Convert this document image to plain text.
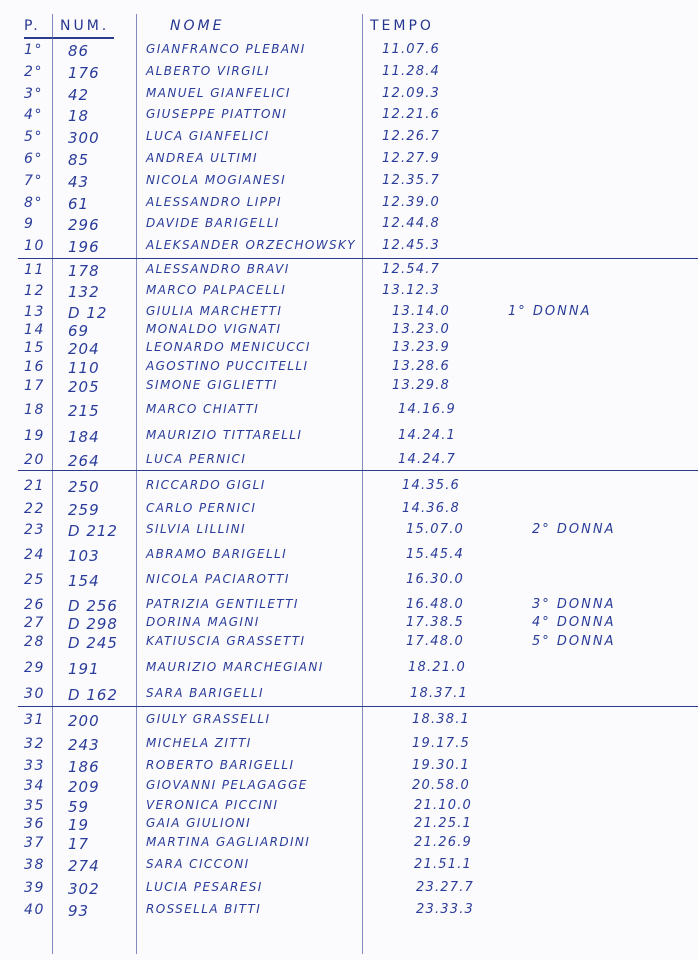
P. NUM.	NOME	TEMPO
1°	86	GIANFRANCO PLEBANI	11.07.6
2°	176	ALBERTO VIRGILI	11.28.4
3°	42	MANUEL GIANFELICI	12.09.3
4°	18	GIUSEPPE PIATTONI	12.21.6
5°	300	LUCA GIANFELICI	12.26.7
6°	85	ANDREA ULTIMI	12.27.9
7°	43	NICOLA MOGIANESI	12.35.7
8°	61	ALESSANDRO LIPPI	12.39.0
9	296	DAVIDE BARIGELLI	12.44.8
10	196	ALEKSANDER ORZECHOWSKY	12.45.3
11	178	ALESSANDRO BRAVI	12.54.7
12	132	MARCO PALPACELLI	13.12.3
13	D 12	GIULIA MARCHETTI	13.14.0	1° DONNA
14	69	MONALDO VIGNATI	13.23.0
15	204	LEONARDO MENICUCCI	13.23.9
16	110	AGOSTINO PUCCITELLI	13.28.6
17	205	SIMONE GIGLIETTI	13.29.8
18	215	MARCO CHIATTI	14.16.9
19	184	MAURIZIO TITTARELLI	14.24.1
20	264	LUCA PERNICI	14.24.7
21	250	RICCARDO GIGLI	14.35.6
22	259	CARLO PERNICI	14.36.8
23	D 212	SILVIA LILLINI	15.07.0	2° DONNA
24	103	ABRAMO BARIGELLI	15.45.4
25	154	NICOLA PACIAROTTI	16.30.0
26	D 256	PATRIZIA GENTILETTI	16.48.0	3° DONNA
27	D 298	DORINA MAGINI	17.38.5	4° DONNA
28	D 245	KATIUSCIA GRASSETTI	17.48.0	5° DONNA
29	191	MAURIZIO MARCHEGIANI	18.21.0
30	D 162	SARA BARIGELLI	18.37.1
31	200	GIULY GRASSELLI	18.38.1
32	243	MICHELA ZITTI	19.17.5
33	186	ROBERTO BARIGELLI	19.30.1
34	209	GIOVANNI PELAGAGGE	20.58.0
35	59	VERONICA PICCINI	21.10.0
36	19	GAIA GIULIONI	21.25.1
37	17	MARTINA GAGLIARDINI	21.26.9
38	274	SARA CICCONI	21.51.1
39	302	LUCIA PESARESI	23.27.7
40	93	ROSSELLA BITTI	23.33.3
